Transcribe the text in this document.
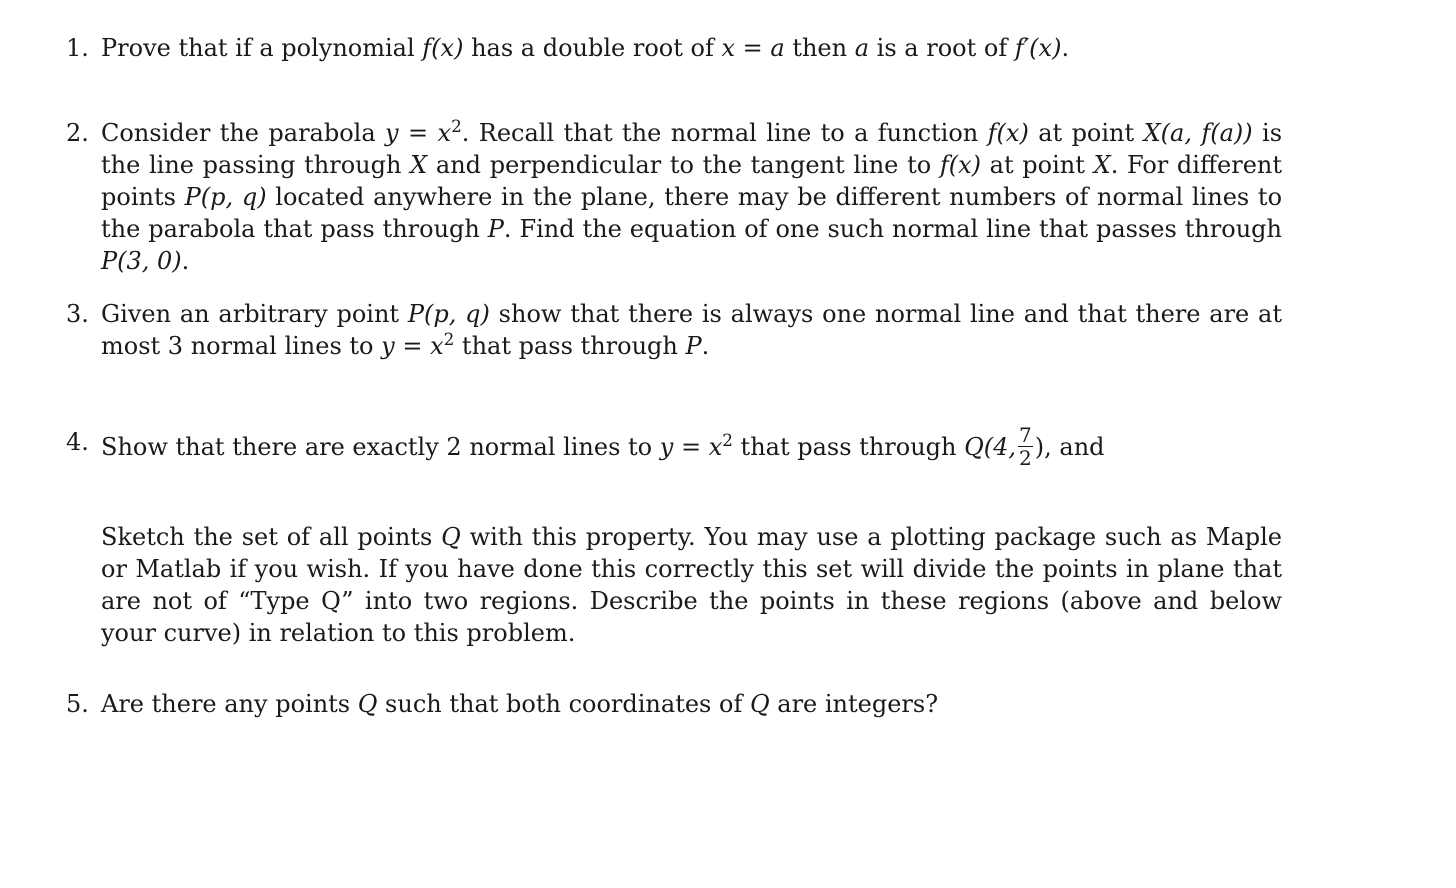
1. Prove that if a polynomial f(x) has a double root of x = a then a is a root of f′(x).
2. Consider the parabola $y = x^2$. Recall that the normal line to a function f(x) at point X(a, f(a)) is the line passing through X and perpendicular to the tangent line to f(x) at point X. For different points P(p, q) located anywhere in the plane, there may be different numbers of normal lines to the parabola that pass through P. Find the equation of one such normal line that passes through P(3, 0).
3. Given an arbitrary point P(p, q) show that there is always one normal line and that there are at most 3 normal lines to $y = x^2$ that pass through P.
4. Show that there are exactly 2 normal lines to $y = x^2$ that pass through Q(4, $\frac{7}{2}$ ), and
Sketch the set of all points Q with this property. You may use a plotting package such as Maple or Matlab if you wish. If you have done this correctly this set will divide the points in plane that are not of “Type Q” into two regions. Describe the points in these regions (above and below your curve) in relation to this problem.
5. Are there any points Q such that both coordinates of Q are integers?
